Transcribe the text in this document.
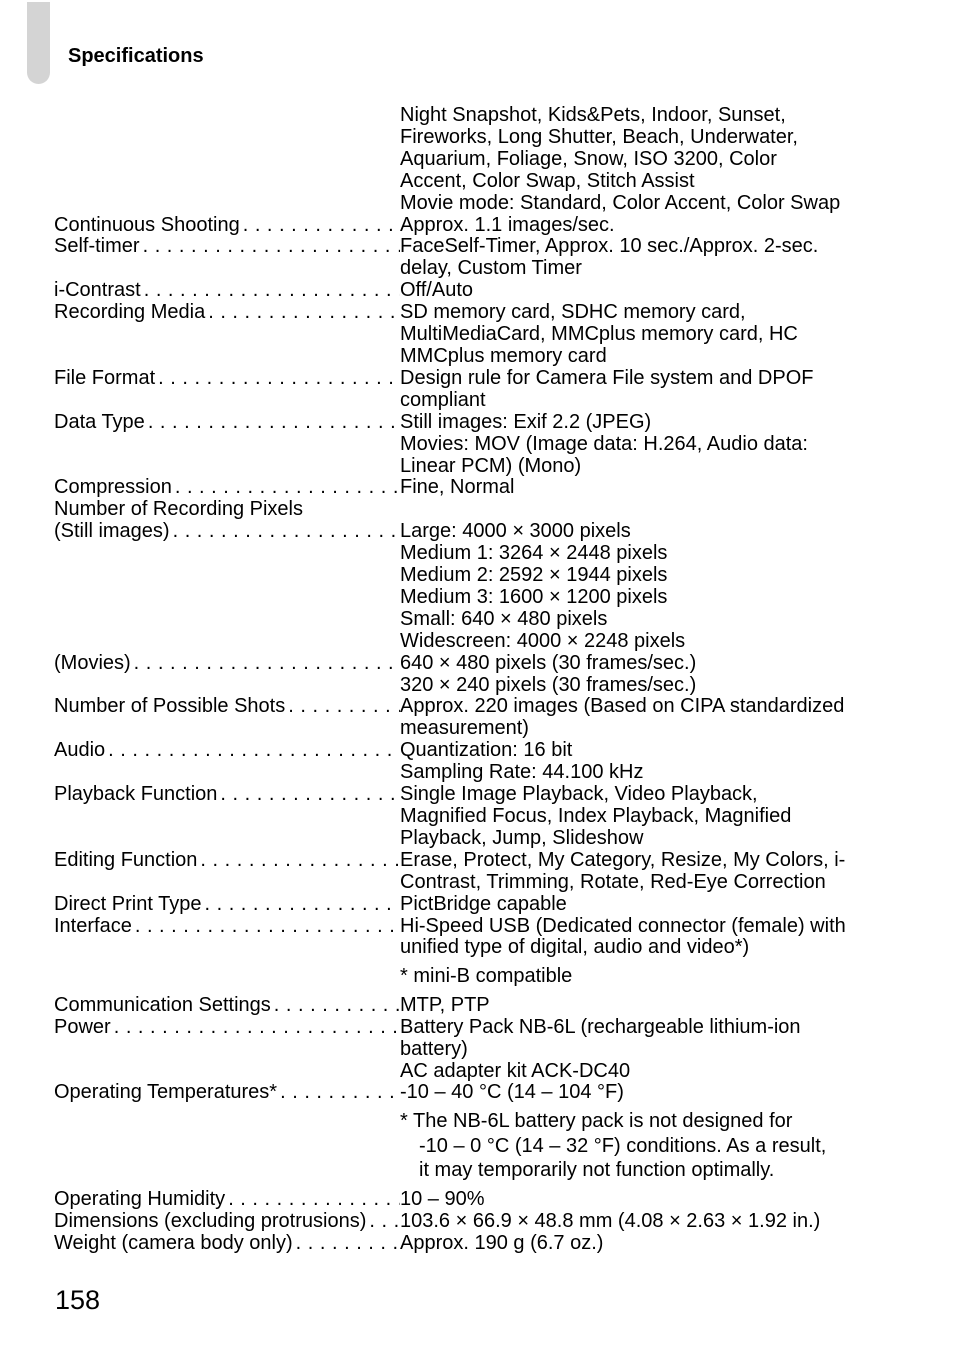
Specifications
Night Snapshot, Kids&Pets, Indoor, Sunset,
Fireworks, Long Shutter, Beach, Underwater,
Aquarium, Foliage, Snow, ISO 3200, Color
Accent, Color Swap, Stitch Assist
Movie mode: Standard, Color Accent, Color Swap
Continuous Shooting . . .	Approx. 1.1 images/sec.
Self-timer . . .	FaceSelf-Timer, Approx. 10 sec./Approx. 2-sec.
delay, Custom Timer
i-Contrast . . .	Off/Auto
Recording Media . . .	SD memory card, SDHC memory card,
MultiMediaCard, MMCplus memory card, HC
MMCplus memory card
File Format . . .	Design rule for Camera File system and DPOF
compliant
Data Type . . .	Still images: Exif 2.2 (JPEG)
Movies: MOV (Image data: H.264, Audio data:
Linear PCM) (Mono)
Compression . . .	Fine, Normal
Number of Recording Pixels
(Still images) . . .	Large: 4000 × 3000 pixels
Medium 1: 3264 × 2448 pixels
Medium 2: 2592 × 1944 pixels
Medium 3: 1600 × 1200 pixels
Small: 640 × 480 pixels
Widescreen: 4000 × 2248 pixels
(Movies) . . .	640 × 480 pixels (30 frames/sec.)
320 × 240 pixels (30 frames/sec.)
Number of Possible Shots . . .	Approx. 220 images (Based on CIPA standardized
measurement)
Audio . . .	Quantization: 16 bit
Sampling Rate: 44.100 kHz
Playback Function . . .	Single Image Playback, Video Playback,
Magnified Focus, Index Playback, Magnified
Playback, Jump, Slideshow
Editing Function . . .	Erase, Protect, My Category, Resize, My Colors, i-
Contrast, Trimming, Rotate, Red-Eye Correction
Direct Print Type . . .	PictBridge capable
Interface . . .	Hi-Speed USB (Dedicated connector (female) with
unified type of digital, audio and video*)
* mini-B compatible
Communication Settings . . .	MTP, PTP
Power . . .	Battery Pack NB-6L (rechargeable lithium-ion
battery)
AC adapter kit ACK-DC40
Operating Temperatures* . . .	-10 – 40 °C (14 – 104 °F)
* The NB-6L battery pack is not designed for
-10 – 0 °C (14 – 32 °F) conditions. As a result,
it may temporarily not function optimally.
Operating Humidity . . .	10 – 90%
Dimensions (excluding protrusions) . . . 103.6 × 66.9 × 48.8 mm (4.08 × 2.63 × 1.92 in.)
Weight (camera body only) . . .	Approx. 190 g (6.7 oz.)
158
